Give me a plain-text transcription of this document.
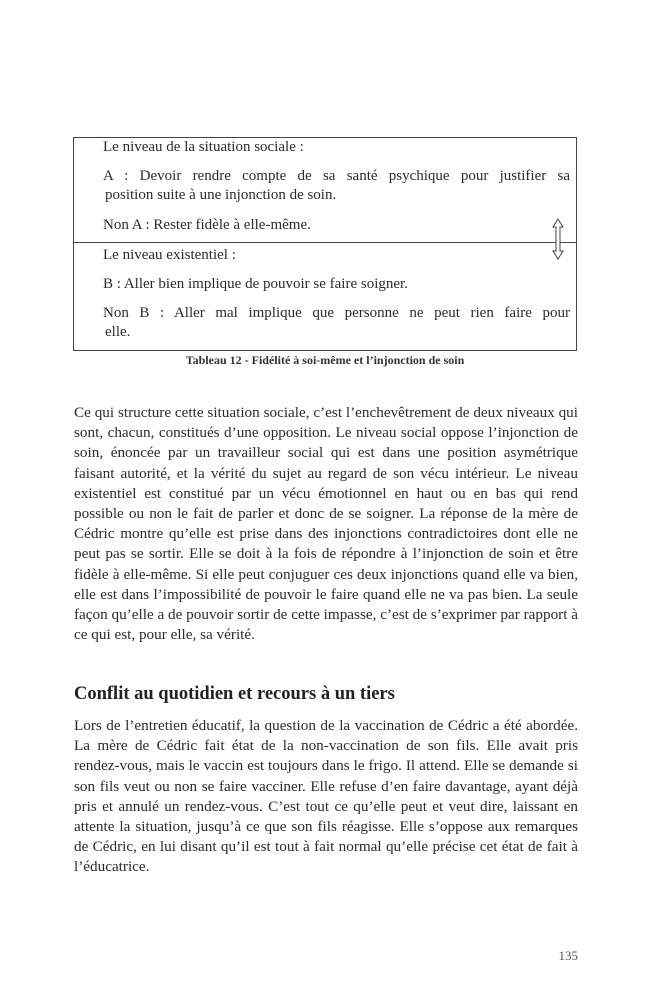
Le niveau de la situation sociale :
A : Devoir rendre compte de sa santé psychique pour justifier sa
position suite à une injonction de soin.
Non A : Rester fidèle à elle-même.
Le niveau existentiel :
B : Aller bien implique de pouvoir se faire soigner.
Non B : Aller mal implique que personne ne peut rien faire pour
elle.
Tableau 12 - Fidélité à soi-même et l’injonction de soin

Ce qui structure cette situation sociale, c’est l’enchevêtrement de deux niveaux qui sont, chacun, constitués d’une opposition. Le niveau social oppose l’injonction de soin, énoncée par un travailleur social qui est dans une position asymétrique faisant autorité, et la vérité du sujet au regard de son vécu intérieur. Le niveau existentiel est constitué par un vécu émotionnel en haut ou en bas qui rend possible ou non le fait de parler et donc de se soigner. La réponse de la mère de Cédric montre qu’elle est prise dans des injonctions contradictoires dont elle ne peut pas se sortir. Elle se doit à la fois de répondre à l’injonction de soin et être fidèle à elle-même. Si elle peut conjuguer ces deux injonctions quand elle va bien, elle est dans l’impossibilité de pouvoir le faire quand elle ne va pas bien. La seule façon qu’elle a de pouvoir sortir de cette impasse, c’est de s’exprimer par rapport à ce qui est, pour elle, sa vérité.

Conflit au quotidien et recours à un tiers

Lors de l’entretien éducatif, la question de la vaccination de Cédric a été abordée. La mère de Cédric fait état de la non-vaccination de son fils. Elle avait pris rendez-vous, mais le vaccin est toujours dans le frigo. Il attend. Elle se demande si son fils veut ou non se faire vacciner. Elle refuse d’en faire davantage, ayant déjà pris et annulé un rendez-vous. C’est tout ce qu’elle peut et veut dire, laissant en attente la situation, jusqu’à ce que son fils réagisse. Elle s’oppose aux remarques de Cédric, en lui disant qu’il est tout à fait normal qu’elle précise cet état de fait à l’éducatrice.

135
